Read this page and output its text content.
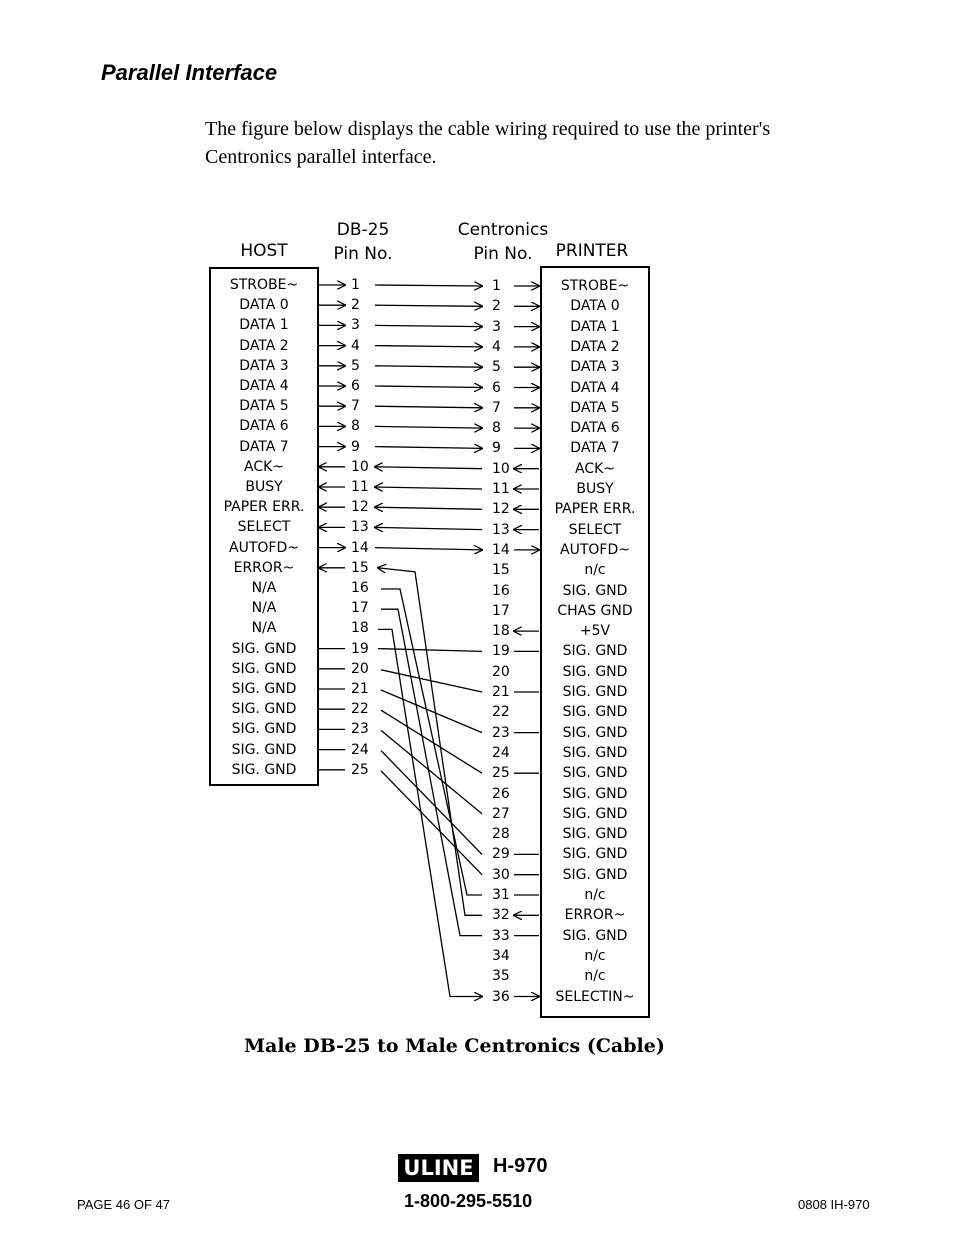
Parallel Interface
The figure below displays the cable wiring required to use the printer's
Centronics parallel interface.
HOST
DB-25
Pin No.
Centronics
Pin No.	PRINTER
STROBE~
DATA 0
DATA 1
DATA 2
DATA 3
DATA 4
DATA 5
DATA 6
DATA 7
ACK~
BUSY
PAPER ERR.
SELECT
AUTOFD~
ERROR~
N/A
N/A
N/A
SIG. GND
SIG. GND
SIG. GND
SIG. GND
SIG. GND
SIG. GND
SIG. GND
1
2
3
4
5
6
7
8
9
10
11
12
13
14
15
16
17
18
19
20
21
22
23
24
25
1
2
3
4
5
6
7
8
9
10
11
12
13
14
15
16
17
18
19
20
21
22
23
24
25
26
27
28
29
30
31
32
33
34
35
36
STROBE~
DATA 0
DATA 1
DATA 2
DATA 3
DATA 4
DATA 5
DATA 6
DATA 7
ACK~
BUSY
PAPER ERR.
SELECT
AUTOFD~
n/c
SIG. GND
CHAS GND
+5V
SIG. GND
SIG. GND
SIG. GND
SIG. GND
SIG. GND
SIG. GND
SIG. GND
SIG. GND
SIG. GND
SIG. GND
SIG. GND
SIG. GND
n/c
ERROR~
SIG. GND
n/c
n/c
SELECTIN~
Male DB-25 to Male Centronics (Cable)
ULINE H-970
1-800-295-5510
PAGE 46 OF 47	0808 IH-970
